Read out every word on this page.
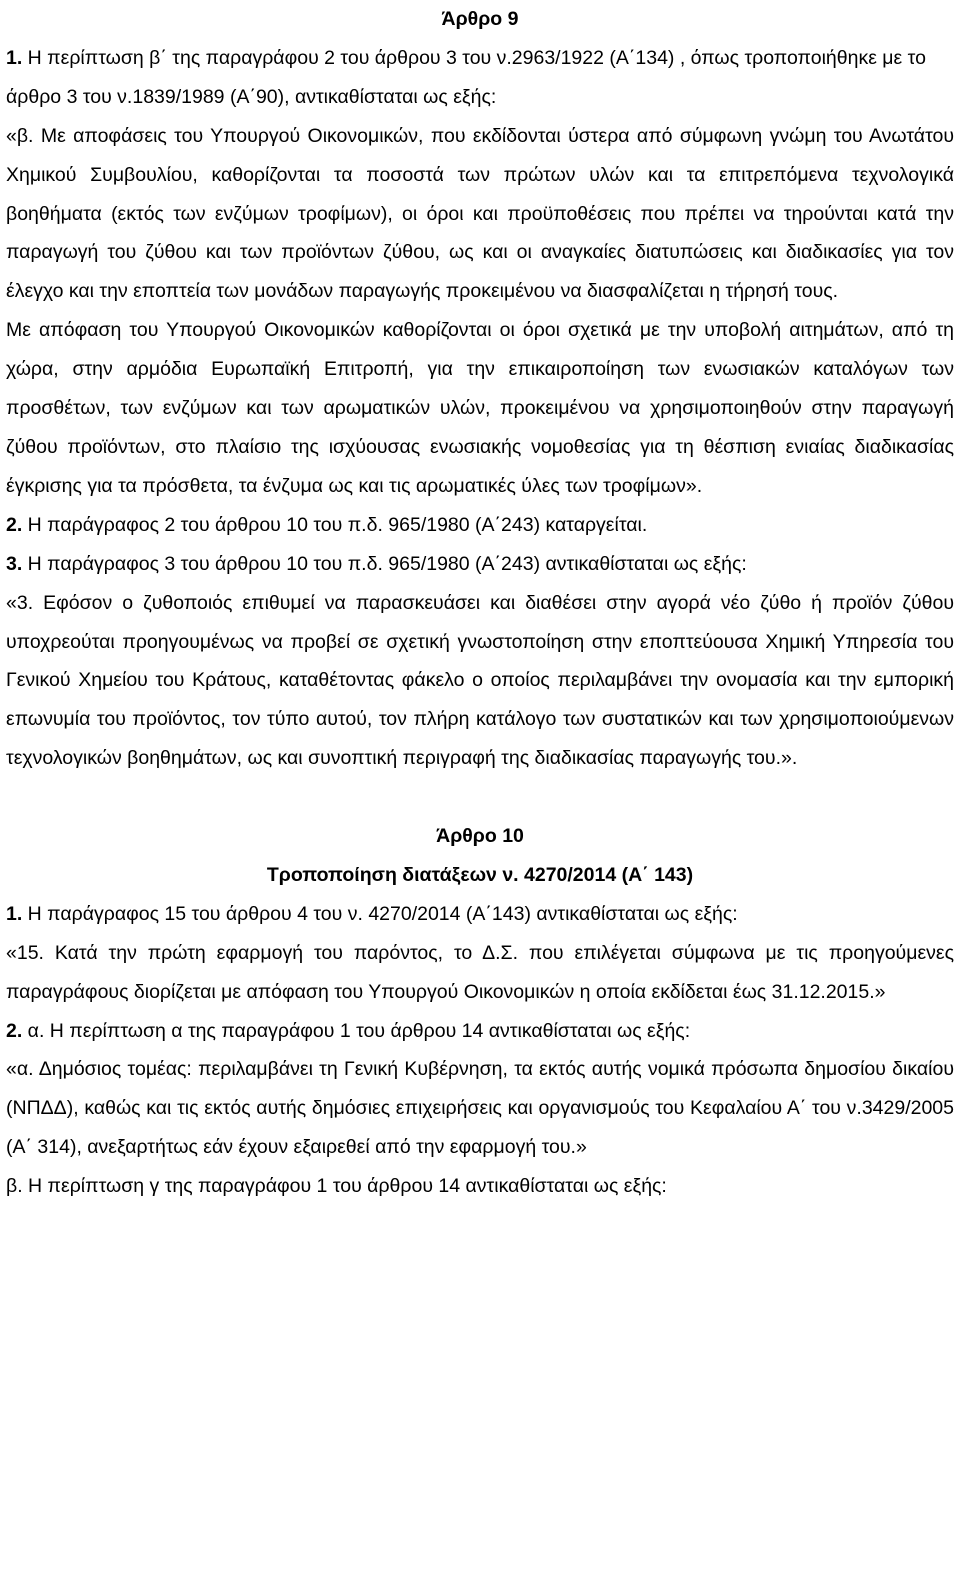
Άρθρο 9

1. Η περίπτωση β΄ της παραγράφου 2 του άρθρου 3 του ν.2963/1922 (Α΄134) , όπως τροποποιήθηκε με το άρθρο 3 του ν.1839/1989 (Α΄90), αντικαθίσταται ως εξής:

«β. Με αποφάσεις του Υπουργού Οικονομικών, που εκδίδονται ύστερα από σύμφωνη γνώμη του Ανωτάτου Χημικού Συμβουλίου, καθορίζονται τα ποσοστά των πρώτων υλών και τα επιτρεπόμενα τεχνολογικά βοηθήματα (εκτός των ενζύμων τροφίμων), οι όροι και προϋποθέσεις που πρέπει να τηρούνται κατά την παραγωγή του ζύθου και των προϊόντων ζύθου, ως και οι αναγκαίες διατυπώσεις και διαδικασίες για τον έλεγχο και την εποπτεία των μονάδων παραγωγής προκειμένου να διασφαλίζεται η τήρησή τους.

Με απόφαση του Υπουργού Οικονομικών καθορίζονται οι όροι σχετικά με την υποβολή αιτημάτων, από τη χώρα, στην αρμόδια Ευρωπαϊκή Επιτροπή, για την επικαιροποίηση των ενωσιακών καταλόγων των προσθέτων, των ενζύμων και των αρωματικών υλών, προκειμένου να χρησιμοποιηθούν στην παραγωγή ζύθου προϊόντων, στο πλαίσιο της ισχύουσας ενωσιακής νομοθεσίας για τη θέσπιση ενιαίας διαδικασίας έγκρισης για τα πρόσθετα, τα ένζυμα ως και τις αρωματικές ύλες των τροφίμων».

2. Η παράγραφος 2 του άρθρου 10 του π.δ. 965/1980 (Α΄243) καταργείται.

3. Η παράγραφος 3 του άρθρου 10 του π.δ. 965/1980 (Α΄243) αντικαθίσταται ως εξής:

«3. Εφόσον ο ζυθοποιός επιθυμεί να παρασκευάσει και διαθέσει στην αγορά νέο ζύθο ή προϊόν ζύθου υποχρεούται προηγουμένως να προβεί σε σχετική γνωστοποίηση στην εποπτεύουσα Χημική Υπηρεσία του Γενικού Χημείου του Κράτους, καταθέτοντας φάκελο ο οποίος περιλαμβάνει την ονομασία και την εμπορική επωνυμία του προϊόντος, τον τύπο αυτού, τον πλήρη κατάλογο των συστατικών και των χρησιμοποιούμενων τεχνολογικών βοηθημάτων, ως και συνοπτική περιγραφή της διαδικασίας παραγωγής του.».

Άρθρο 10
Τροποποίηση διατάξεων ν. 4270/2014 (Α΄ 143)

1. Η παράγραφος 15 του άρθρου 4 του ν. 4270/2014 (Α΄143) αντικαθίσταται ως εξής:

«15. Κατά την πρώτη εφαρμογή του παρόντος, το Δ.Σ. που επιλέγεται σύμφωνα με τις προηγούμενες παραγράφους διορίζεται με απόφαση του Υπουργού Οικονομικών η οποία εκδίδεται έως 31.12.2015.»

2. α. Η περίπτωση α της παραγράφου 1 του άρθρου 14 αντικαθίσταται ως εξής:

«α. Δημόσιος τομέας: περιλαμβάνει τη Γενική Κυβέρνηση, τα εκτός αυτής νομικά πρόσωπα δημοσίου δικαίου (ΝΠΔΔ), καθώς και τις εκτός αυτής δημόσιες επιχειρήσεις και οργανισμούς του Κεφαλαίου Α΄ του ν.3429/2005 (Α΄ 314), ανεξαρτήτως εάν έχουν εξαιρεθεί από την εφαρμογή του.»

β. Η περίπτωση γ της παραγράφου 1 του άρθρου 14 αντικαθίσταται ως εξής:
